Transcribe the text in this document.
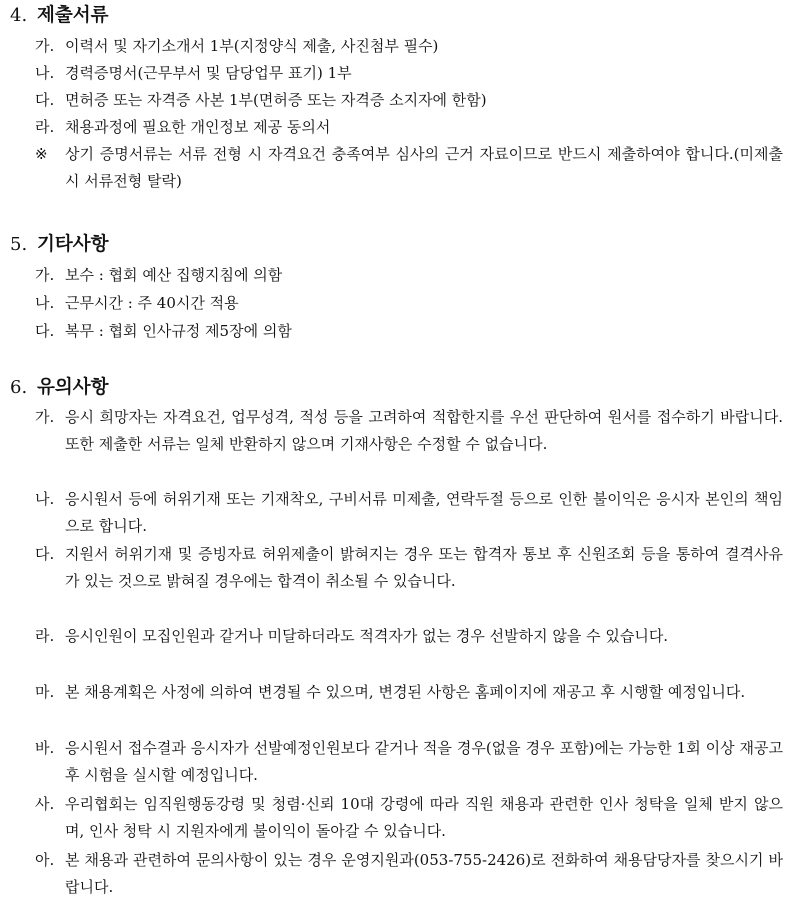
4. 제출서류
가. 이력서 및 자기소개서 1부(지정양식 제출, 사진첨부 필수)
나. 경력증명서(근무부서 및 담당업무 표기) 1부
다. 면허증 또는 자격증 사본 1부(면허증 또는 자격증 소지자에 한함)
라. 채용과정에 필요한 개인정보 제공 동의서
※ 상기 증명서류는 서류 전형 시 자격요건 충족여부 심사의 근거 자료이므로 반드시 제출하여야 합니다.(미제출 시 서류전형 탈락)
5. 기타사항
가. 보수 : 협회 예산 집행지침에 의함
나. 근무시간 : 주 40시간 적용
다. 복무 : 협회 인사규정 제5장에 의함
6. 유의사항
가. 응시 희망자는 자격요건, 업무성격, 적성 등을 고려하여 적합한지를 우선 판단하여 원서를 접수하기 바랍니다. 또한 제출한 서류는 일체 반환하지 않으며 기재사항은 수정할 수 없습니다.
나. 응시원서 등에 허위기재 또는 기재착오, 구비서류 미제출, 연락두절 등으로 인한 불이익은 응시자 본인의 책임으로 합니다.
다. 지원서 허위기재 및 증빙자료 허위제출이 밝혀지는 경우 또는 합격자 통보 후 신원조회 등을 통하여 결격사유가 있는 것으로 밝혀질 경우에는 합격이 취소될 수 있습니다.
라. 응시인원이 모집인원과 같거나 미달하더라도 적격자가 없는 경우 선발하지 않을 수 있습니다.
마. 본 채용계획은 사정에 의하여 변경될 수 있으며, 변경된 사항은 홈페이지에 재공고 후 시행할 예정입니다.
바. 응시원서 접수결과 응시자가 선발예정인원보다 같거나 적을 경우(없을 경우 포함)에는 가능한 1회 이상 재공고 후 시험을 실시할 예정입니다.
사. 우리협회는 임직원행동강령 및 청렴·신뢰 10대 강령에 따라 직원 채용과 관련한 인사 청탁을 일체 받지 않으며, 인사 청탁 시 지원자에게 불이익이 돌아갈 수 있습니다.
아. 본 채용과 관련하여 문의사항이 있는 경우 운영지원과(053-755-2426)로 전화하여 채용담당자를 찾으시기 바랍니다.
